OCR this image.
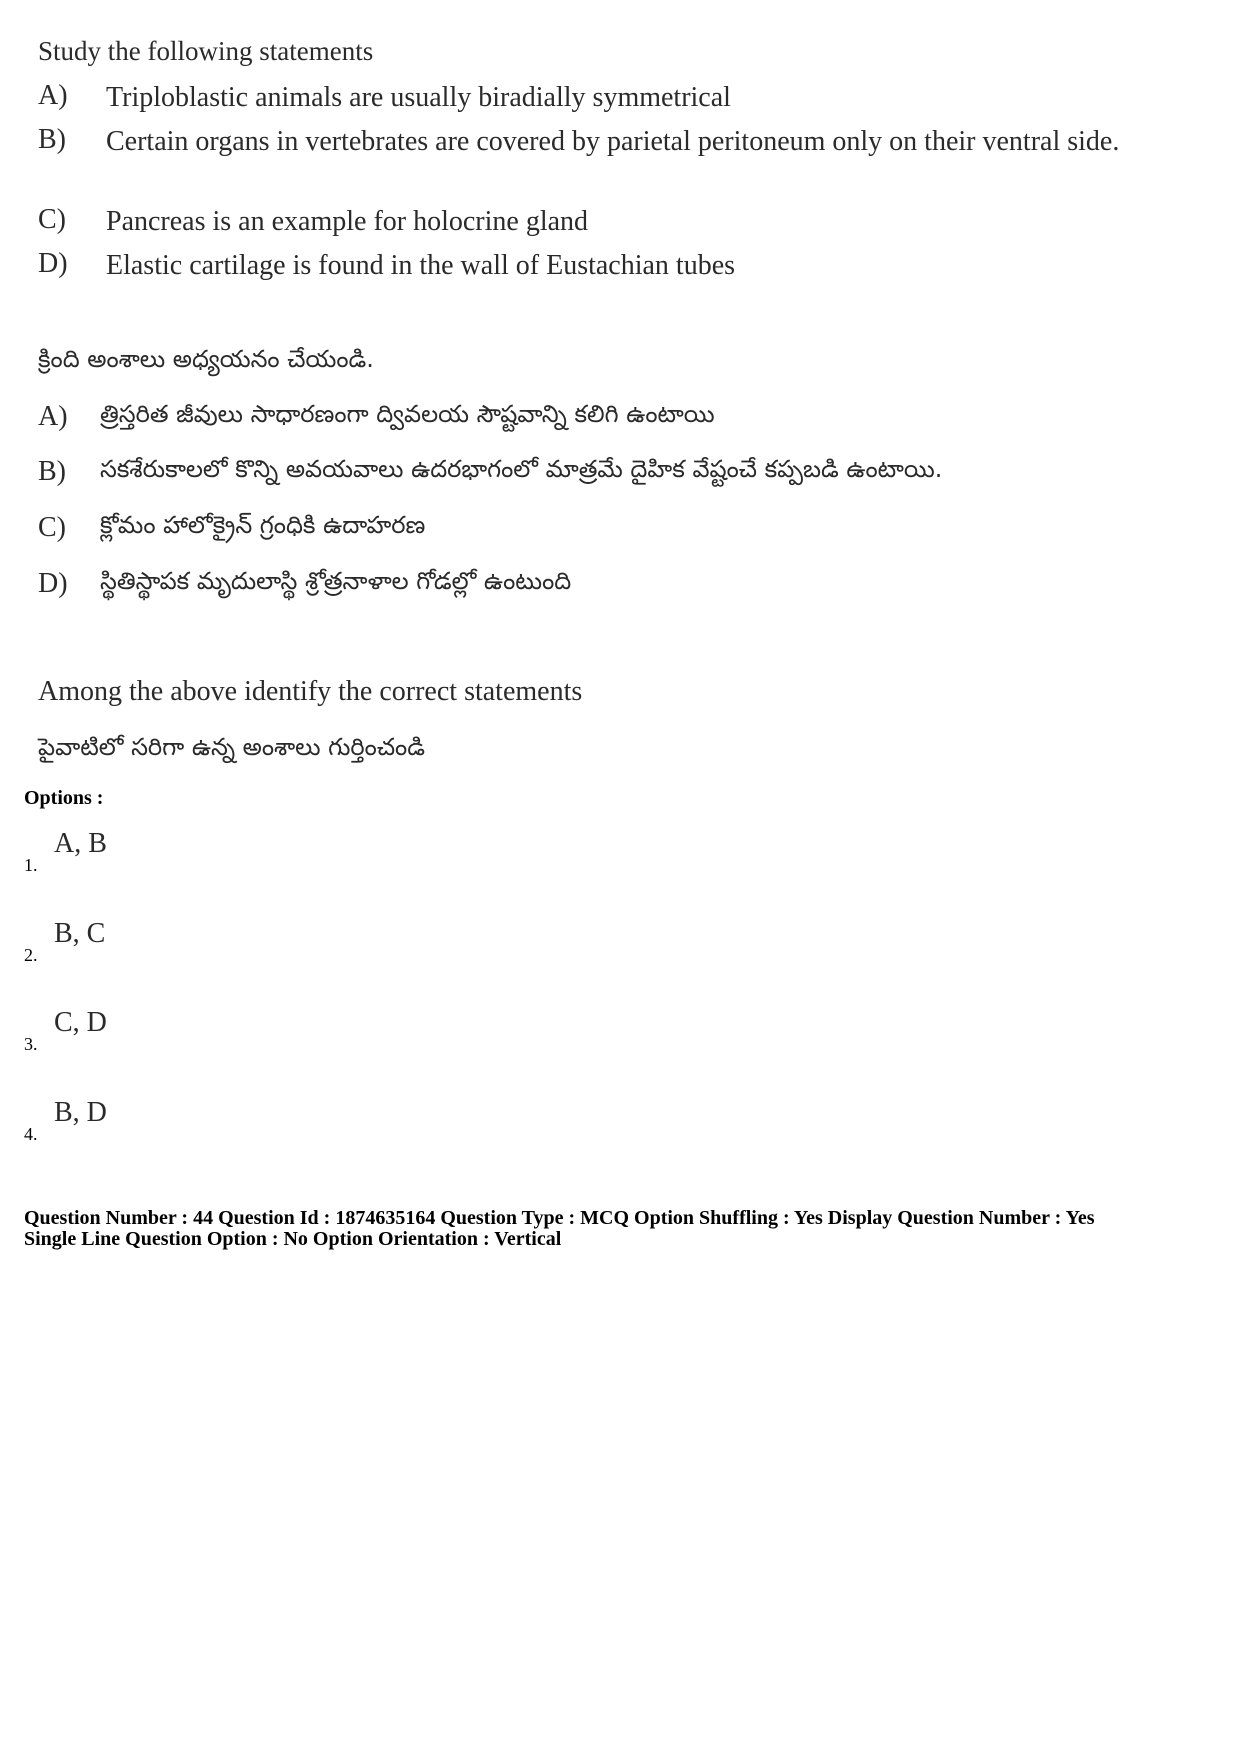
Study the following statements
A)	Triploblastic animals are usually biradially symmetrical
B)	Certain organs in vertebrates are covered by parietal peritoneum only on their ventral side.
C)	Pancreas is an example for holocrine gland
D)	Elastic cartilage is found in the wall of Eustachian tubes
క్రింది అంశాలు అధ్యయనం చేయండి.
A)	త్రిస్తరిత జీవులు సాధారణంగా ద్వివలయ సౌష్టవాన్ని కలిగి ఉంటాయి
B)	సకశేరుకాలలో కొన్ని అవయవాలు ఉదరభాగంలో మాత్రమే దైహిక వేష్టంచే కప్పబడి ఉంటాయి.
C)	క్లోమం హాలోక్రైన్ గ్రంధికి ఉదాహరణ
D)	స్థితిస్థాపక మృదులాస్థి శ్రోత్రనాళాల గోడల్లో ఉంటుంది
Among the above identify the correct statements
పైవాటిలో సరిగా ఉన్న అంశాలు గుర్తించండి
Options :
1.
A, B
2.
B, C
3.
C, D
4.
B, D
Question Number : 44 Question Id : 1874635164 Question Type : MCQ Option Shuffling : Yes Display Question Number : Yes
Single Line Question Option : No Option Orientation : Vertical
